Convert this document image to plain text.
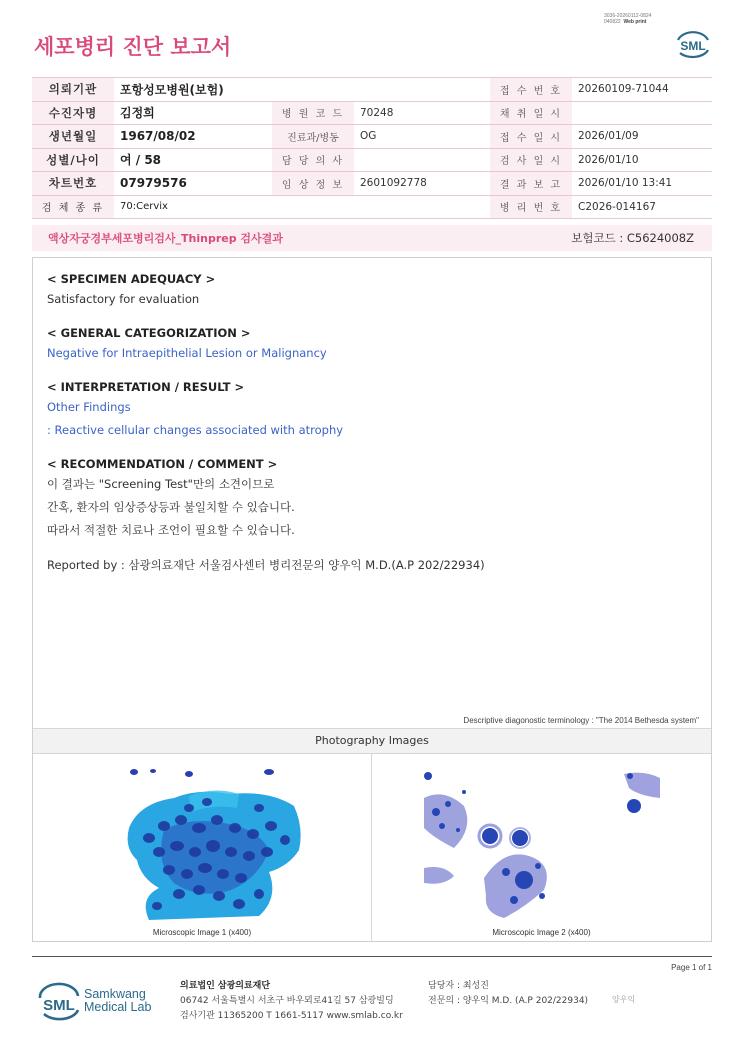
3036-20260112-0824
040822 Web print
세포병리 진단 보고서	SML
의뢰기관	포항성모병원(보험)			접 수 번 호	20260109-71044
수진자명	김정희	병 원 코 드	70248	채 취 일 시	
생년월일	1967/08/02	진료과/병동	OG	접 수 일 시	2026/01/09
성별/나이	여 / 58	담 당 의 사		검 사 일 시	2026/01/10
차트번호	07979576	임 상 정 보	2601092778	결 과 보 고	2026/01/10 13:41
검 체 종 류	70:Cervix			병 리 번 호	C2026-014167
액상자궁경부세포병리검사_Thinprep 검사결과	보험코드 : C5624008Z
< SPECIMEN ADEQUACY >
Satisfactory for evaluation
< GENERAL CATEGORIZATION >
Negative for Intraepithelial Lesion or Malignancy
< INTERPRETATION / RESULT >
Other Findings
: Reactive cellular changes associated with atrophy
< RECOMMENDATION / COMMENT >
이 결과는 "Screening Test"만의 소견이므로
간혹, 환자의 임상증상등과 불일치할 수 있습니다.
따라서 적절한 치료나 조언이 필요할 수 있습니다.
Reported by : 삼광의료재단 서울검사센터 병리전문의 양우익 M.D.(A.P 202/22934)
Descriptive diagonostic terminology : "The 2014 Bethesda system"
Photography Images
Microscopic Image 1 (x400)	Microscopic Image 2 (x400)
Page 1 of 1
SML
Samkwang
Medical Lab
의료법인 삼광의료재단
06742 서울특별시 서초구 바우뫼로41길 57 삼광빌딩
검사기관 11365200 T 1661-5117 www.smlab.co.kr
담당자 : 최성진
전문의 : 양우익 M.D. (A.P 202/22934)	양우익
